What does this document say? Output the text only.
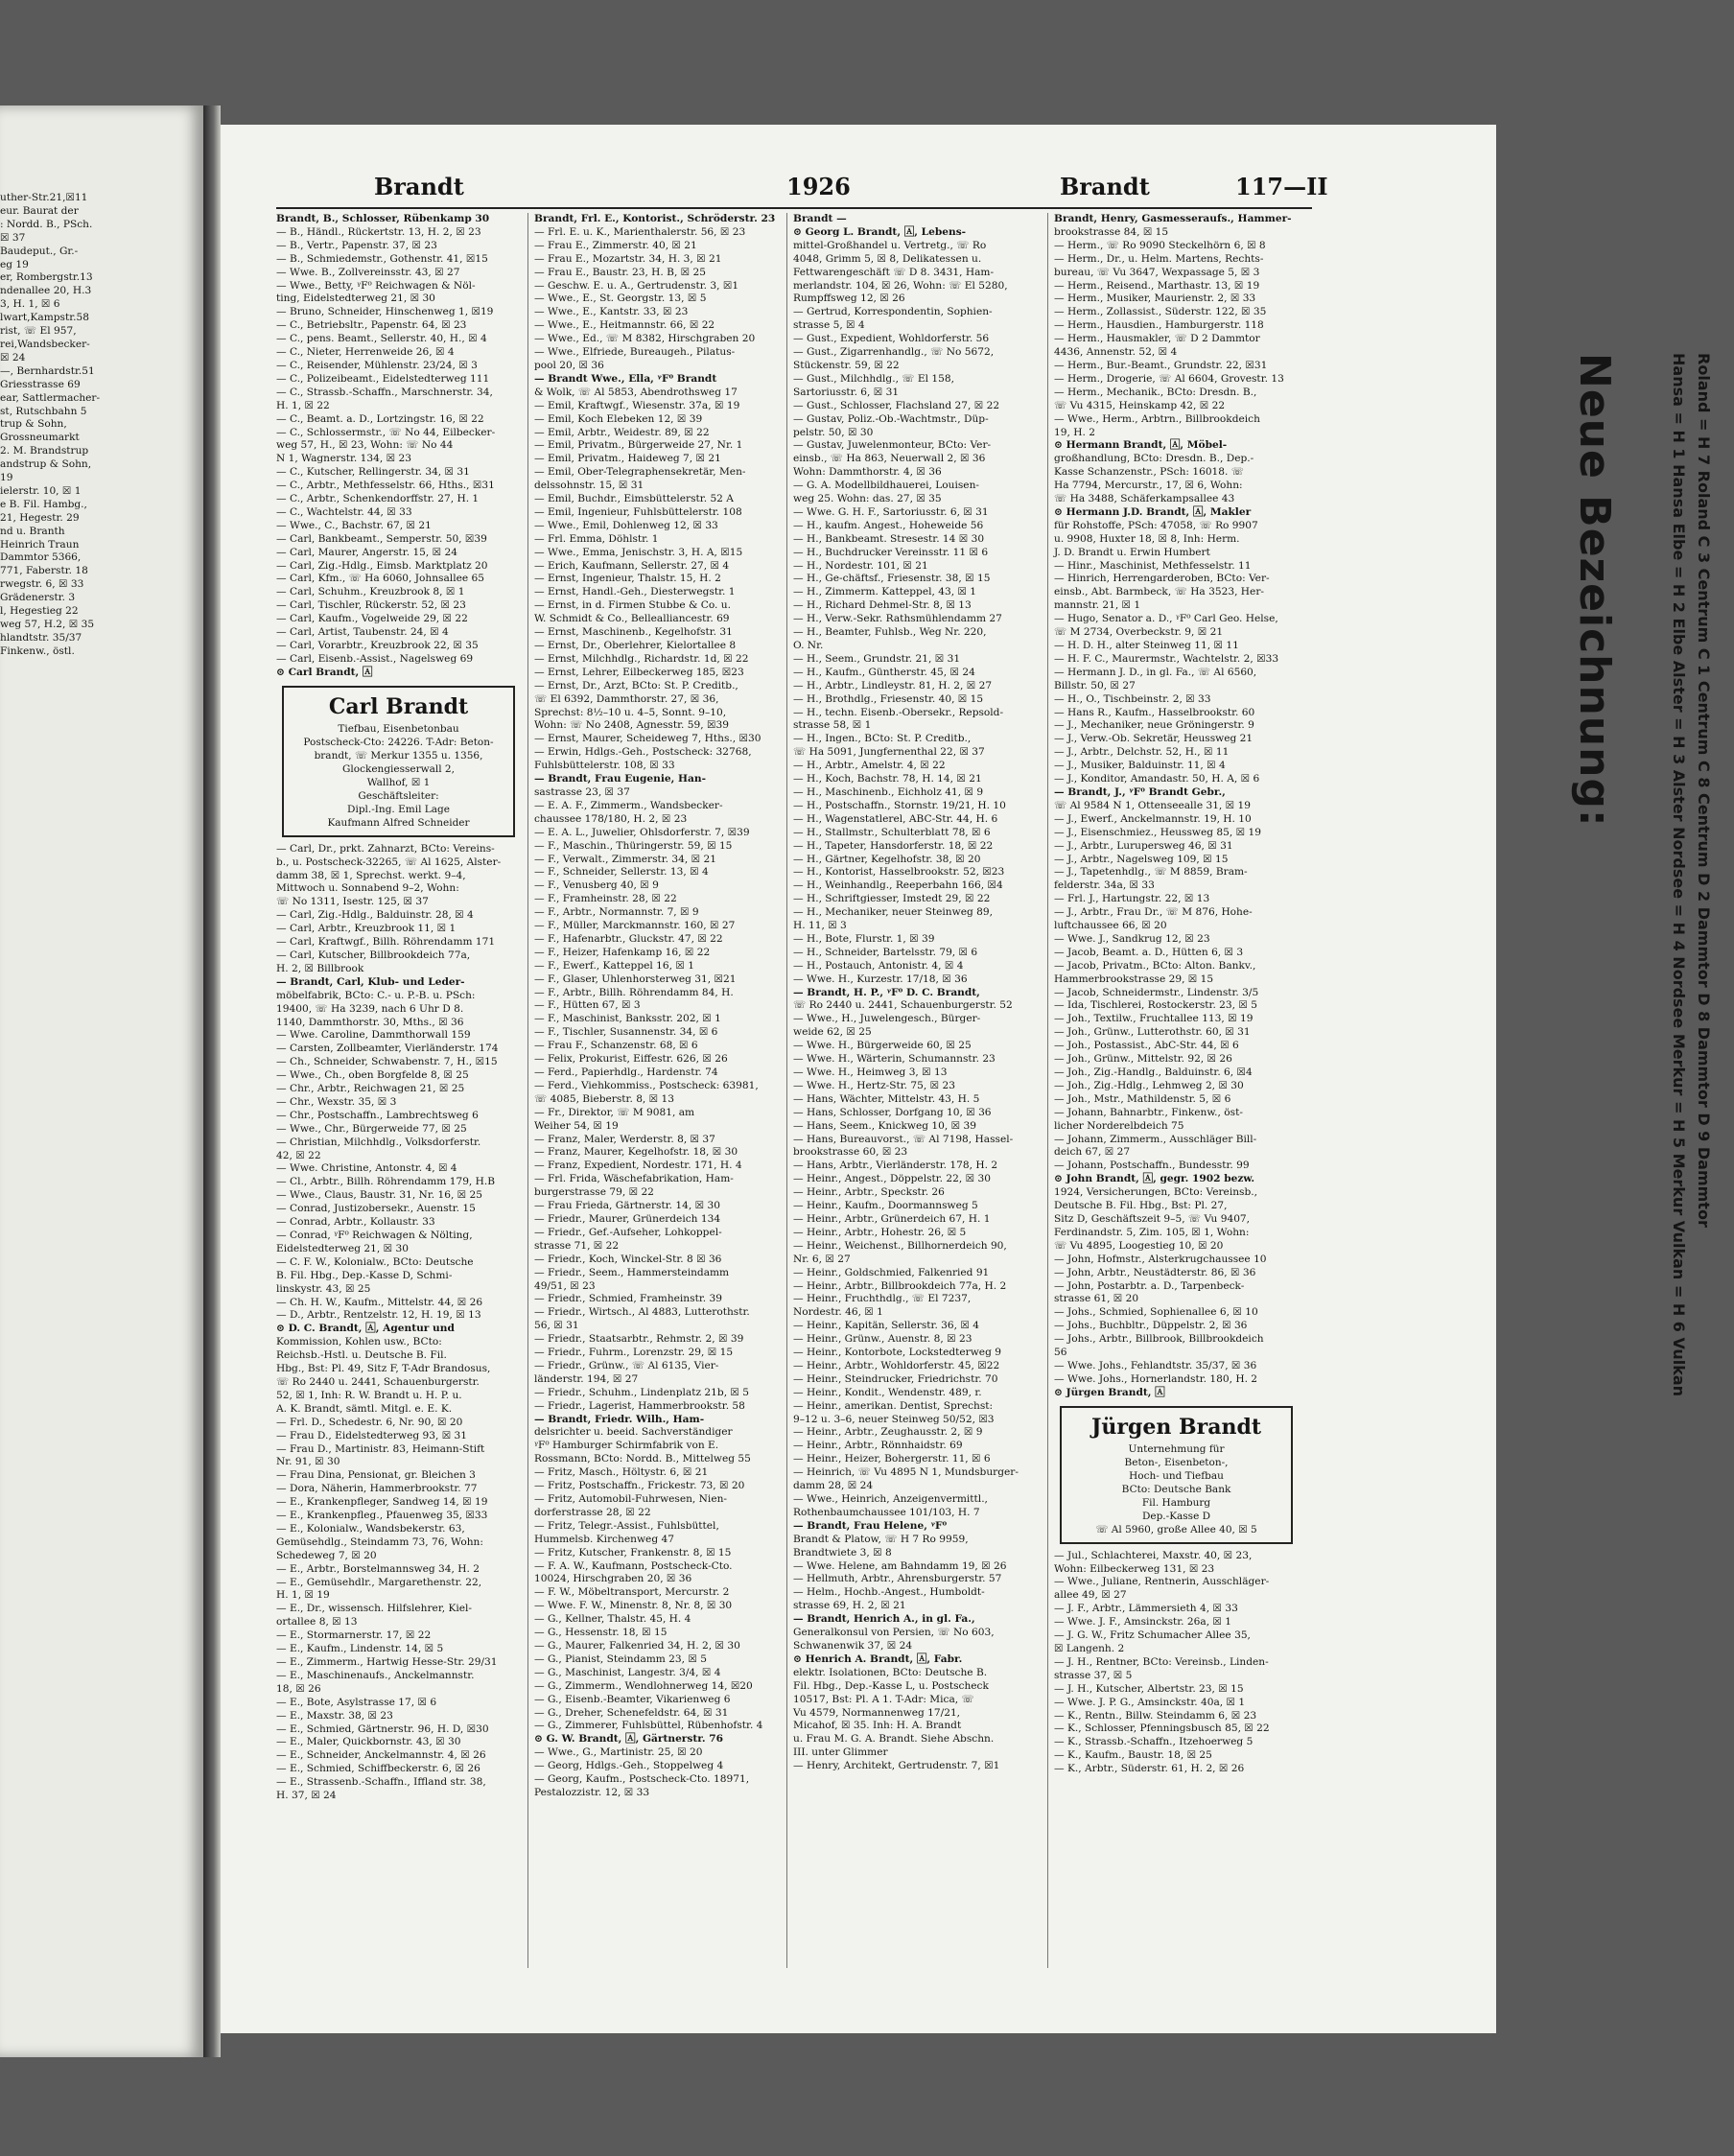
uther-Str.21,☒11
eur. Baurat der
: Nordd. B., PSch.
☒ 37
Baudeput., Gr.-
eg 19
er, Rombergstr.13
ndenallee 20, H.3
3, H. 1, ☒ 6
lwart,Kampstr.58
rist, ☏ El 957,
rei,Wandsbecker-
☒ 24
—, Bernhardstr.51
Griesstrasse 69
ear, Sattlermacher-
st, Rutschbahn 5
trup & Sohn,
Grossneumarkt
2. M. Brandstrup
andstrup & Sohn,
19
ielerstr. 10, ☒ 1
e B. Fil. Hambg.,
21, Hegestr. 29
nd u. Branth
Heinrich Traun
Dammtor 5366,
771, Faberstr. 18
rwegstr. 6, ☒ 33
Grädenerstr. 3
l, Hegestieg 22
weg 57, H.2, ☒ 35
hlandtstr. 35/37
Finkenw., östl.
Brandt	1926	Brandt	117—II
Brandt, B., Schlosser, Rübenkamp 30
— B., Händl., Rückertstr. 13, H. 2, ☒ 23
— B., Vertr., Papenstr. 37, ☒ 23
— B., Schmiedemstr., Gothenstr. 41, ☒15
— Wwe. B., Zollvereinsstr. 43, ☒ 27
— Wwe., Betty, ᵞF⁰ Reichwagen & Nöl-
ting, Eidelstedterweg 21, ☒ 30
— Bruno, Schneider, Hinschenweg 1, ☒19
— C., Betriebsltr., Papenstr. 64, ☒ 23
— C., pens. Beamt., Sellerstr. 40, H., ☒ 4
— C., Nieter, Herrenweide 26, ☒ 4
— C., Reisender, Mühlenstr. 23/24, ☒ 3
— C., Polizeibeamt., Eidelstedterweg 111
— C., Strassb.-Schaffn., Marschnerstr. 34,
H. 1, ☒ 22
— C., Beamt. a. D., Lortzingstr. 16, ☒ 22
— C., Schlossermstr., ☏ No 44, Eilbecker-
weg 57, H., ☒ 23, Wohn: ☏ No 44
N 1, Wagnerstr. 134, ☒ 23
— C., Kutscher, Rellingerstr. 34, ☒ 31
— C., Arbtr., Methfesselstr. 66, Hths., ☒31
— C., Arbtr., Schenkendorffstr. 27, H. 1
— C., Wachtelstr. 44, ☒ 33
— Wwe., C., Bachstr. 67, ☒ 21
— Carl, Bankbeamt., Semperstr. 50, ☒39
— Carl, Maurer, Angerstr. 15, ☒ 24
— Carl, Zig.-Hdlg., Eimsb. Marktplatz 20
— Carl, Kfm., ☏ Ha 6060, Johnsallee 65
— Carl, Schuhm., Kreuzbrook 8, ☒ 1
— Carl, Tischler, Rückerstr. 52, ☒ 23
— Carl, Kaufm., Vogelweide 29, ☒ 22
— Carl, Artist, Taubenstr. 24, ☒ 4
— Carl, Vorarbtr., Kreuzbrook 22, ☒ 35
— Carl, Eisenb.-Assist., Nagelsweg 69
⊙ Carl Brandt, 🄰
Carl Brandt
Tiefbau, Eisenbetonbau
Postscheck-Cto: 24226. T-Adr: Beton-
brandt, ☏ Merkur 1355 u. 1356,
Glockengiesserwall 2,
Wallhof, ☒ 1
Geschäftsleiter:
Dipl.-Ing. Emil Lage
Kaufmann Alfred Schneider
— Carl, Dr., prkt. Zahnarzt, BCto: Vereins-
b., u. Postscheck-32265, ☏ Al 1625, Alster-
damm 38, ☒ 1, Sprechst. werkt. 9–4,
Mittwoch u. Sonnabend 9–2, Wohn:
☏ No 1311, Isestr. 125, ☒ 37
— Carl, Zig.-Hdlg., Balduinstr. 28, ☒ 4
— Carl, Arbtr., Kreuzbrook 11, ☒ 1
— Carl, Kraftwgf., Billh. Röhrendamm 171
— Carl, Kutscher, Billbrookdeich 77a,
H. 2, ☒ Billbrook
— Brandt, Carl, Klub- und Leder-
möbelfabrik, BCto: C.- u. P.-B. u. PSch:
19400, ☏ Ha 3239, nach 6 Uhr D 8.
1140, Dammthorstr. 30, Mths., ☒ 36
— Wwe. Caroline, Dammthorwall 159
— Carsten, Zollbeamter, Vierländerstr. 174
— Ch., Schneider, Schwabenstr. 7, H., ☒15
— Wwe., Ch., oben Borgfelde 8, ☒ 25
— Chr., Arbtr., Reichwagen 21, ☒ 25
— Chr., Wexstr. 35, ☒ 3
— Chr., Postschaffn., Lambrechtsweg 6
— Wwe., Chr., Bürgerweide 77, ☒ 25
— Christian, Milchhdlg., Volksdorferstr.
42, ☒ 22
— Wwe. Christine, Antonstr. 4, ☒ 4
— Cl., Arbtr., Billh. Röhrendamm 179, H.B
— Wwe., Claus, Baustr. 31, Nr. 16, ☒ 25
— Conrad, Justizobersekr., Auenstr. 15
— Conrad, Arbtr., Kollaustr. 33
— Conrad, ᵞF⁰ Reichwagen & Nölting,
Eidelstedterweg 21, ☒ 30
— C. F. W., Kolonialw., BCto: Deutsche
B. Fil. Hbg., Dep.-Kasse D, Schmi-
linskystr. 43, ☒ 25
— Ch. H. W., Kaufm., Mittelstr. 44, ☒ 26
— D., Arbtr., Rentzelstr. 12, H. 19, ☒ 13
⊙ D. C. Brandt, 🄰, Agentur und
Kommission, Kohlen usw., BCto:
Reichsb.-Hstl. u. Deutsche B. Fil.
Hbg., Bst: Pl. 49, Sitz F, T-Adr Brandosus,
☏ Ro 2440 u. 2441, Schauenburgerstr.
52, ☒ 1, Inh: R. W. Brandt u. H. P. u.
A. K. Brandt, sämtl. Mitgl. e. E. K.
— Frl. D., Schedestr. 6, Nr. 90, ☒ 20
— Frau D., Eidelstedterweg 93, ☒ 31
— Frau D., Martinistr. 83, Heimann-Stift
Nr. 91, ☒ 30
— Frau Dina, Pensionat, gr. Bleichen 3
— Dora, Näherin, Hammerbrookstr. 77
— E., Krankenpfleger, Sandweg 14, ☒ 19
— E., Krankenpfleg., Pfauenweg 35, ☒33
— E., Kolonialw., Wandsbekerstr. 63,
Gemüsehdlg., Steindamm 73, 76, Wohn:
Schedeweg 7, ☒ 20
— E., Arbtr., Borstelmannsweg 34, H. 2
— E., Gemüsehdlr., Margarethenstr. 22,
H. 1, ☒ 19
— E., Dr., wissensch. Hilfslehrer, Kiel-
ortallee 8, ☒ 13
— E., Stormarnerstr. 17, ☒ 22
— E., Kaufm., Lindenstr. 14, ☒ 5
— E., Zimmerm., Hartwig Hesse-Str. 29/31
— E., Maschinenaufs., Anckelmannstr.
18, ☒ 26
— E., Bote, Asylstrasse 17, ☒ 6
— E., Maxstr. 38, ☒ 23
— E., Schmied, Gärtnerstr. 96, H. D, ☒30
— E., Maler, Quickbornstr. 43, ☒ 30
— E., Schneider, Anckelmannstr. 4, ☒ 26
— E., Schmied, Schiffbeckerstr. 6, ☒ 26
— E., Strassenb.-Schaffn., Iffland str. 38,
H. 37, ☒ 24
Brandt, Frl. E., Kontorist., Schröderstr. 23
— Frl. E. u. K., Marienthalerstr. 56, ☒ 23
— Frau E., Zimmerstr. 40, ☒ 21
— Frau E., Mozartstr. 34, H. 3, ☒ 21
— Frau E., Baustr. 23, H. B, ☒ 25
— Geschw. E. u. A., Gertrudenstr. 3, ☒1
— Wwe., E., St. Georgstr. 13, ☒ 5
— Wwe., E., Kantstr. 33, ☒ 23
— Wwe., E., Heitmannstr. 66, ☒ 22
— Wwe., Ed., ☏ M 8382, Hirschgraben 20
— Wwe., Elfriede, Bureaugeh., Pilatus-
pool 20, ☒ 36
— Brandt Wwe., Ella, ᵞF⁰ Brandt
& Wolk, ☏ Al 5853, Abendrothsweg 17
— Emil, Kraftwgf., Wiesenstr. 37a, ☒ 19
— Emil, Koch Elebeken 12, ☒ 39
— Emil, Arbtr., Weidestr. 89, ☒ 22
— Emil, Privatm., Bürgerweide 27, Nr. 1
— Emil, Privatm., Haideweg 7, ☒ 21
— Emil, Ober-Telegraphensekretär, Men-
delssohnstr. 15, ☒ 31
— Emil, Buchdr., Eimsbüttelerstr. 52 A
— Emil, Ingenieur, Fuhlsbüttelerstr. 108
— Wwe., Emil, Dohlenweg 12, ☒ 33
— Frl. Emma, Döhlstr. 1
— Wwe., Emma, Jenischstr. 3, H. A, ☒15
— Erich, Kaufmann, Sellerstr. 27, ☒ 4
— Ernst, Ingenieur, Thalstr. 15, H. 2
— Ernst, Handl.-Geh., Diesterwegstr. 1
— Ernst, in d. Firmen Stubbe & Co. u.
W. Schmidt & Co., Bellealliancestr. 69
— Ernst, Maschinenb., Kegelhofstr. 31
— Ernst, Dr., Oberlehrer, Kielortallee 8
— Ernst, Milchhdlg., Richardstr. 1d, ☒ 22
— Ernst, Lehrer, Eilbeckerweg 185, ☒23
— Ernst, Dr., Arzt, BCto: St. P. Creditb.,
☏ El 6392, Dammthorstr. 27, ☒ 36,
Sprechst: 8½–10 u. 4–5, Sonnt. 9–10,
Wohn: ☏ No 2408, Agnesstr. 59, ☒39
— Ernst, Maurer, Scheideweg 7, Hths., ☒30
— Erwin, Hdlgs.-Geh., Postscheck: 32768,
Fuhlsbüttelerstr. 108, ☒ 33
— Brandt, Frau Eugenie, Han-
sastrasse 23, ☒ 37
— E. A. F., Zimmerm., Wandsbecker-
chaussee 178/180, H. 2, ☒ 23
— E. A. L., Juwelier, Ohlsdorferstr. 7, ☒39
— F., Maschin., Thüringerstr. 59, ☒ 15
— F., Verwalt., Zimmerstr. 34, ☒ 21
— F., Schneider, Sellerstr. 13, ☒ 4
— F., Venusberg 40, ☒ 9
— F., Framheinstr. 28, ☒ 22
— F., Arbtr., Normannstr. 7, ☒ 9
— F., Müller, Marckmannstr. 160, ☒ 27
— F., Hafenarbtr., Gluckstr. 47, ☒ 22
— F., Heizer, Hafenkamp 16, ☒ 22
— F., Ewerf., Katteppel 16, ☒ 1
— F., Glaser, Uhlenhorsterweg 31, ☒21
— F., Arbtr., Billh. Röhrendamm 84, H.
— F., Hütten 67, ☒ 3
— F., Maschinist, Banksstr. 202, ☒ 1
— F., Tischler, Susannenstr. 34, ☒ 6
— Frau F., Schanzenstr. 68, ☒ 6
— Felix, Prokurist, Eiffestr. 626, ☒ 26
— Ferd., Papierhdlg., Hardenstr. 74
— Ferd., Viehkommiss., Postscheck: 63981,
☏ 4085, Bieberstr. 8, ☒ 13
— Fr., Direktor, ☏ M 9081, am
Weiher 54, ☒ 19
— Franz, Maler, Werderstr. 8, ☒ 37
— Franz, Maurer, Kegelhofstr. 18, ☒ 30
— Franz, Expedient, Nordestr. 171, H. 4
— Frl. Frida, Wäschefabrikation, Ham-
burgerstrasse 79, ☒ 22
— Frau Frieda, Gärtnerstr. 14, ☒ 30
— Friedr., Maurer, Grünerdeich 134
— Friedr., Gef.-Aufseher, Lohkoppel-
strasse 71, ☒ 22
— Friedr., Koch, Winckel-Str. 8 ☒ 36
— Friedr., Seem., Hammersteindamm
49/51, ☒ 23
— Friedr., Schmied, Framheinstr. 39
— Friedr., Wirtsch., Al 4883, Lutterothstr.
56, ☒ 31
— Friedr., Staatsarbtr., Rehmstr. 2, ☒ 39
— Friedr., Fuhrm., Lorenzstr. 29, ☒ 15
— Friedr., Grünw., ☏ Al 6135, Vier-
länderstr. 194, ☒ 27
— Friedr., Schuhm., Lindenplatz 21b, ☒ 5
— Friedr., Lagerist, Hammerbrookstr. 58
— Brandt, Friedr. Wilh., Ham-
delsrichter u. beeid. Sachverständiger
ᵞF⁰ Hamburger Schirmfabrik von E.
Rossmann, BCto: Nordd. B., Mittelweg 55
— Fritz, Masch., Höltystr. 6, ☒ 21
— Fritz, Postschaffn., Frickestr. 73, ☒ 20
— Fritz, Automobil-Fuhrwesen, Nien-
dorferstrasse 28, ☒ 22
— Fritz, Telegr.-Assist., Fuhlsbüttel,
Hummelsb. Kirchenweg 47
— Fritz, Kutscher, Frankenstr. 8, ☒ 15
— F. A. W., Kaufmann, Postscheck-Cto.
10024, Hirschgraben 20, ☒ 36
— F. W., Möbeltransport, Mercurstr. 2
— Wwe. F. W., Minenstr. 8, Nr. 8, ☒ 30
— G., Kellner, Thalstr. 45, H. 4
— G., Hessenstr. 18, ☒ 15
— G., Maurer, Falkenried 34, H. 2, ☒ 30
— G., Pianist, Steindamm 23, ☒ 5
— G., Maschinist, Langestr. 3/4, ☒ 4
— G., Zimmerm., Wendlohnerweg 14, ☒20
— G., Eisenb.-Beamter, Vikarienweg 6
— G., Dreher, Schenefeldstr. 64, ☒ 31
— G., Zimmerer, Fuhlsbüttel, Rübenhofstr. 4
⊙ G. W. Brandt, 🄰, Gärtnerstr. 76
— Wwe., G., Martinistr. 25, ☒ 20
— Georg, Hdlgs.-Geh., Stoppelweg 4
— Georg, Kaufm., Postscheck-Cto. 18971,
Pestalozzistr. 12, ☒ 33
Brandt —
⊙ Georg L. Brandt, 🄰, Lebens-
mittel-Großhandel u. Vertretg., ☏ Ro
4048, Grimm 5, ☒ 8, Delikatessen u.
Fettwarengeschäft ☏ D 8. 3431, Ham-
merlandstr. 104, ☒ 26, Wohn: ☏ El 5280,
Rumpffsweg 12, ☒ 26
— Gertrud, Korrespondentin, Sophien-
strasse 5, ☒ 4
— Gust., Expedient, Wohldorferstr. 56
— Gust., Zigarrenhandlg., ☏ No 5672,
Stückenstr. 59, ☒ 22
— Gust., Milchhdlg., ☏ El 158,
Sartoriusstr. 6, ☒ 31
— Gust., Schlosser, Flachsland 27, ☒ 22
— Gustav, Poliz.-Ob.-Wachtmstr., Düp-
pelstr. 50, ☒ 30
— Gustav, Juwelenmonteur, BCto: Ver-
einsb., ☏ Ha 863, Neuerwall 2, ☒ 36
Wohn: Dammthorstr. 4, ☒ 36
— G. A. Modellbildhauerei, Louisen-
weg 25. Wohn: das. 27, ☒ 35
— Wwe. G. H. F., Sartoriusstr. 6, ☒ 31
— H., kaufm. Angest., Hoheweide 56
— H., Bankbeamt. Stresestr. 14 ☒ 30
— H., Buchdrucker Vereinsstr. 11 ☒ 6
— H., Nordestr. 101, ☒ 21
— H., Ge-chäftsf., Friesenstr. 38, ☒ 15
— H., Zimmerm. Katteppel, 43, ☒ 1
— H., Richard Dehmel-Str. 8, ☒ 13
— H., Verw.-Sekr. Rathsmühlendamm 27
— H., Beamter, Fuhlsb., Weg Nr. 220,
O. Nr.
— H., Seem., Grundstr. 21, ☒ 31
— H., Kaufm., Güntherstr. 45, ☒ 24
— H., Arbtr., Lindleystr. 81, H. 2, ☒ 27
— H., Brothdlg., Friesenstr. 40, ☒ 15
— H., techn. Eisenb.-Obersekr., Repsold-
strasse 58, ☒ 1
— H., Ingen., BCto: St. P. Creditb.,
☏ Ha 5091, Jungfernenthal 22, ☒ 37
— H., Arbtr., Amelstr. 4, ☒ 22
— H., Koch, Bachstr. 78, H. 14, ☒ 21
— H., Maschinenb., Eichholz 41, ☒ 9
— H., Postschaffn., Stornstr. 19/21, H. 10
— H., Wagenstatlerel, ABC-Str. 44, H. 6
— H., Stallmstr., Schulterblatt 78, ☒ 6
— H., Tapeter, Hansdorferstr. 18, ☒ 22
— H., Gärtner, Kegelhofstr. 38, ☒ 20
— H., Kontorist, Hasselbrookstr. 52, ☒23
— H., Weinhandlg., Reeperbahn 166, ☒4
— H., Schriftgiesser, Imstedt 29, ☒ 22
— H., Mechaniker, neuer Steinweg 89,
H. 11, ☒ 3
— H., Bote, Flurstr. 1, ☒ 39
— H., Schneider, Bartelsstr. 79, ☒ 6
— H., Postauch, Antonistr. 4, ☒ 4
— Wwe. H., Kurzestr. 17/18, ☒ 36
— Brandt, H. P., ᵞF⁰ D. C. Brandt,
☏ Ro 2440 u. 2441, Schauenburgerstr. 52
— Wwe., H., Juwelengesch., Bürger-
weide 62, ☒ 25
— Wwe. H., Bürgerweide 60, ☒ 25
— Wwe. H., Wärterin, Schumannstr. 23
— Wwe. H., Heimweg 3, ☒ 13
— Wwe. H., Hertz-Str. 75, ☒ 23
— Hans, Wächter, Mittelstr. 43, H. 5
— Hans, Schlosser, Dorfgang 10, ☒ 36
— Hans, Seem., Knickweg 10, ☒ 39
— Hans, Bureauvorst., ☏ Al 7198, Hassel-
brookstrasse 60, ☒ 23
— Hans, Arbtr., Vierländerstr. 178, H. 2
— Heinr., Angest., Döppelstr. 22, ☒ 30
— Heinr., Arbtr., Speckstr. 26
— Heinr., Kaufm., Doormannsweg 5
— Heinr., Arbtr., Grünerdeich 67, H. 1
— Heinr., Arbtr., Hohestr. 26, ☒ 5
— Heinr., Weichenst., Billhornerdeich 90,
Nr. 6, ☒ 27
— Heinr., Goldschmied, Falkenried 91
— Heinr., Arbtr., Billbrookdeich 77a, H. 2
— Heinr., Fruchthdlg., ☏ El 7237,
Nordestr. 46, ☒ 1
— Heinr., Kapitän, Sellerstr. 36, ☒ 4
— Heinr., Grünw., Auenstr. 8, ☒ 23
— Heinr., Kontorbote, Lockstedterweg 9
— Heinr., Arbtr., Wohldorferstr. 45, ☒22
— Heinr., Steindrucker, Friedrichstr. 70
— Heinr., Kondit., Wendenstr. 489, r.
— Heinr., amerikan. Dentist, Sprechst:
9–12 u. 3–6, neuer Steinweg 50/52, ☒3
— Heinr., Arbtr., Zeughausstr. 2, ☒ 9
— Heinr., Arbtr., Rönnhaidstr. 69
— Heinr., Heizer, Bohergerstr. 11, ☒ 6
— Heinrich, ☏ Vu 4895 N 1, Mundsburger-
damm 28, ☒ 24
— Wwe., Heinrich, Anzeigenvermittl.,
Rothenbaumchaussee 101/103, H. 7
— Brandt, Frau Helene, ᵞF⁰
Brandt & Platow, ☏ H 7 Ro 9959,
Brandtwiete 3, ☒ 8
— Wwe. Helene, am Bahndamm 19, ☒ 26
— Hellmuth, Arbtr., Ahrensburgerstr. 57
— Helm., Hochb.-Angest., Humboldt-
strasse 69, H. 2, ☒ 21
— Brandt, Henrich A., in gl. Fa.,
Generalkonsul von Persien, ☏ No 603,
Schwanenwik 37, ☒ 24
⊙ Henrich A. Brandt, 🄰, Fabr.
elektr. Isolationen, BCto: Deutsche B.
Fil. Hbg., Dep.-Kasse L, u. Postscheck
10517, Bst: Pl. A 1. T-Adr: Mica, ☏
Vu 4579, Normannenweg 17/21,
Micahof, ☒ 35. Inh: H. A. Brandt
u. Frau M. G. A. Brandt. Siehe Abschn.
III. unter Glimmer
— Henry, Architekt, Gertrudenstr. 7, ☒1
Brandt, Henry, Gasmesseraufs., Hammer-
brookstrasse 84, ☒ 15
— Herm., ☏ Ro 9090 Steckelhörn 6, ☒ 8
— Herm., Dr., u. Helm. Martens, Rechts-
bureau, ☏ Vu 3647, Wexpassage 5, ☒ 3
— Herm., Reisend., Marthastr. 13, ☒ 19
— Herm., Musiker, Maurienstr. 2, ☒ 33
— Herm., Zollassist., Süderstr. 122, ☒ 35
— Herm., Hausdien., Hamburgerstr. 118
— Herm., Hausmakler, ☏ D 2 Dammtor
4436, Annenstr. 52, ☒ 4
— Herm., Bur.-Beamt., Grundstr. 22, ☒31
— Herm., Drogerie, ☏ Al 6604, Grovestr. 13
— Herm., Mechanik., BCto: Dresdn. B.,
☏ Vu 4315, Heinskamp 42, ☒ 22
— Wwe., Herm., Arbtrn., Billbrookdeich
19, H. 2
⊙ Hermann Brandt, 🄰, Möbel-
großhandlung, BCto: Dresdn. B., Dep.-
Kasse Schanzenstr., PSch: 16018. ☏
Ha 7794, Mercurstr., 17, ☒ 6, Wohn:
☏ Ha 3488, Schäferkampsallee 43
⊙ Hermann J.D. Brandt, 🄰, Makler
für Rohstoffe, PSch: 47058, ☏ Ro 9907
u. 9908, Huxter 18, ☒ 8, Inh: Herm.
J. D. Brandt u. Erwin Humbert
— Hinr., Maschinist, Methfesselstr. 11
— Hinrich, Herrengarderoben, BCto: Ver-
einsb., Abt. Barmbeck, ☏ Ha 3523, Her-
mannstr. 21, ☒ 1
— Hugo, Senator a. D., ᵞF⁰ Carl Geo. Helse,
☏ M 2734, Overbeckstr. 9, ☒ 21
— H. D. H., alter Steinweg 11, ☒ 11
— H. F. C., Maurermstr., Wachtelstr. 2, ☒33
— Hermann J. D., in gl. Fa., ☏ Al 6560,
Billstr. 50, ☒ 27
— H., O., Tischbeinstr. 2, ☒ 33
— Hans R., Kaufm., Hasselbrookstr. 60
— J., Mechaniker, neue Gröningerstr. 9
— J., Verw.-Ob. Sekretär, Heussweg 21
— J., Arbtr., Delchstr. 52, H., ☒ 11
— J., Musiker, Balduinstr. 11, ☒ 4
— J., Konditor, Amandastr. 50, H. A, ☒ 6
— Brandt, J., ᵞF⁰ Brandt Gebr.,
☏ Al 9584 N 1, Ottenseealle 31, ☒ 19
— J., Ewerf., Anckelmannstr. 19, H. 10
— J., Eisenschmiez., Heussweg 85, ☒ 19
— J., Arbtr., Lurupersweg 46, ☒ 31
— J., Arbtr., Nagelsweg 109, ☒ 15
— J., Tapetenhdlg., ☏ M 8859, Bram-
felderstr. 34a, ☒ 33
— Frl. J., Hartungstr. 22, ☒ 13
— J., Arbtr., Frau Dr., ☏ M 876, Hohe-
luftchaussee 66, ☒ 20
— Wwe. J., Sandkrug 12, ☒ 23
— Jacob, Beamt. a. D., Hütten 6, ☒ 3
— Jacob, Privatm., BCto: Alton. Bankv.,
Hammerbrookstrasse 29, ☒ 15
— Jacob, Schneidermstr., Lindenstr. 3/5
— Ida, Tischlerei, Rostockerstr. 23, ☒ 5
— Joh., Textilw., Fruchtallee 113, ☒ 19
— Joh., Grünw., Lutterothstr. 60, ☒ 31
— Joh., Postassist., AbC-Str. 44, ☒ 6
— Joh., Grünw., Mittelstr. 92, ☒ 26
— Joh., Zig.-Handlg., Balduinstr. 6, ☒4
— Joh., Zig.-Hdlg., Lehmweg 2, ☒ 30
— Joh., Mstr., Mathildenstr. 5, ☒ 6
— Johann, Bahnarbtr., Finkenw., öst-
licher Norderelbdeich 75
— Johann, Zimmerm., Ausschläger Bill-
deich 67, ☒ 27
— Johann, Postschaffn., Bundesstr. 99
⊙ John Brandt, 🄰, gegr. 1902 bezw.
1924, Versicherungen, BCto: Vereinsb.,
Deutsche B. Fil. Hbg., Bst: Pl. 27,
Sitz D, Geschäftszeit 9–5, ☏ Vu 9407,
Ferdinandstr. 5, Zim. 105, ☒ 1, Wohn:
☏ Vu 4895, Loogestieg 10, ☒ 20
— John, Hofmstr., Alsterkrugchaussee 10
— John, Arbtr., Neustädterstr. 86, ☒ 36
— John, Postarbtr. a. D., Tarpenbeck-
strasse 61, ☒ 20
— Johs., Schmied, Sophienallee 6, ☒ 10
— Johs., Buchbltr., Düppelstr. 2, ☒ 36
— Johs., Arbtr., Billbrook, Billbrookdeich
56
— Wwe. Johs., Fehlandtstr. 35/37, ☒ 36
— Wwe. Johs., Hornerlandstr. 180, H. 2
⊙ Jürgen Brandt, 🄰
Jürgen Brandt
Unternehmung für
Beton-, Eisenbeton-,
Hoch- und Tiefbau
BCto: Deutsche Bank
Fil. Hamburg
Dep.-Kasse D
☏ Al 5960, große Allee 40, ☒ 5
— Jul., Schlachterei, Maxstr. 40, ☒ 23,
Wohn: Eilbeckerweg 131, ☒ 23
— Wwe., Juliane, Rentnerin, Ausschläger-
allee 49, ☒ 27
— J. F., Arbtr., Lämmersieth 4, ☒ 33
— Wwe. J. F., Amsinckstr. 26a, ☒ 1
— J. G. W., Fritz Schumacher Allee 35,
☒ Langenh. 2
— J. H., Rentner, BCto: Vereinsb., Linden-
strasse 37, ☒ 5
— J. H., Kutscher, Albertstr. 23, ☒ 15
— Wwe. J. P. G., Amsinckstr. 40a, ☒ 1
— K., Rentn., Billw. Steindamm 6, ☒ 23
— K., Schlosser, Pfenningsbusch 85, ☒ 22
— K., Strassb.-Schaffn., Itzehoerweg 5
— K., Kaufm., Baustr. 18, ☒ 25
— K., Arbtr., Süderstr. 61, H. 2, ☒ 26
Neue Bezeichnung:	Hansa = H 1 Hansa Elbe = H 2 Elbe Alster = H 3 Alster Nordsee = H 4 Nordsee Merkur = H 5 Merkur Vulkan = H 6 Vulkan Roland = H 7 Roland C 3 Centrum C 1 Centrum C 8 Centrum D 2 Dammtor D 8 Dammtor D 9 Dammtor
